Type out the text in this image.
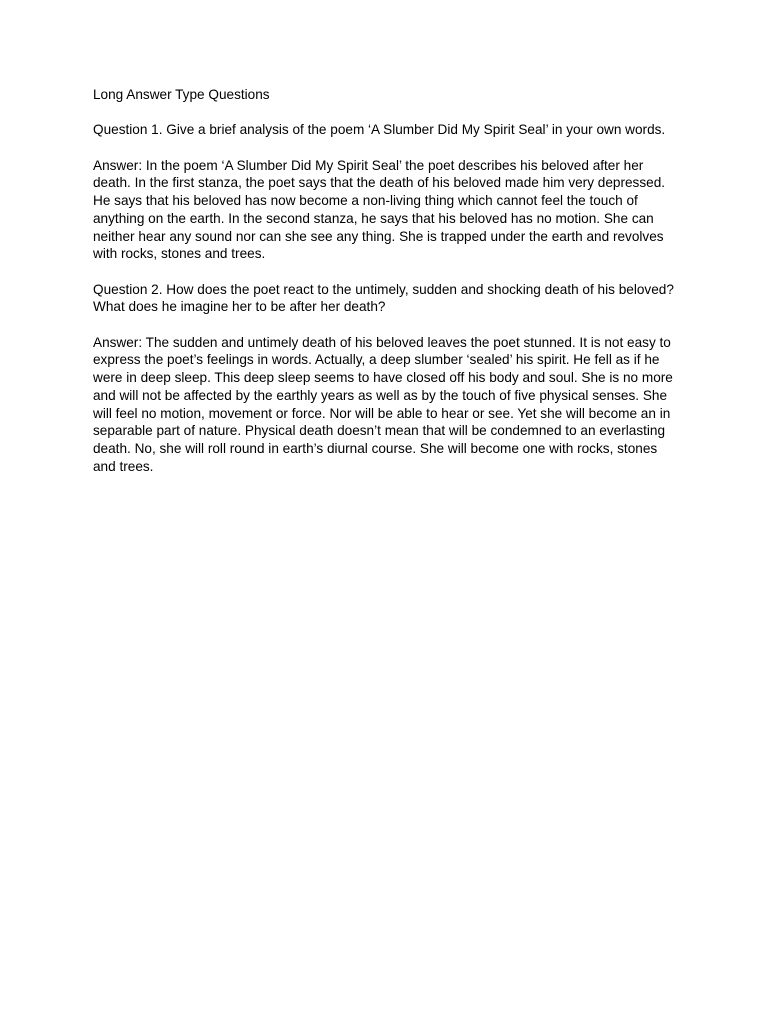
Long Answer Type Questions

Question 1. Give a brief analysis of the poem ‘A Slumber Did My Spirit Seal’ in your own words.

Answer: In the poem ‘A Slumber Did My Spirit Seal’ the poet describes his beloved after her death. In the first stanza, the poet says that the death of his beloved made him very depressed. He says that his beloved has now become a non-living thing which cannot feel the touch of anything on the earth. In the second stanza, he says that his beloved has no motion. She can neither hear any sound nor can she see any thing. She is trapped under the earth and revolves with rocks, stones and trees.

Question 2. How does the poet react to the untimely, sudden and shocking death of his beloved? What does he imagine her to be after her death?

Answer: The sudden and untimely death of his beloved leaves the poet stunned. It is not easy to express the poet’s feelings in words. Actually, a deep slumber ‘sealed’ his spirit. He fell as if he were in deep sleep. This deep sleep seems to have closed off his body and soul. She is no more and will not be affected by the earthly years as well as by the touch of five physical senses. She will feel no motion, movement or force. Nor will be able to hear or see. Yet she will become an in separable part of nature. Physical death doesn’t mean that will be condemned to an everlasting death. No, she will roll round in earth’s diurnal course. She will become one with rocks, stones and trees.
